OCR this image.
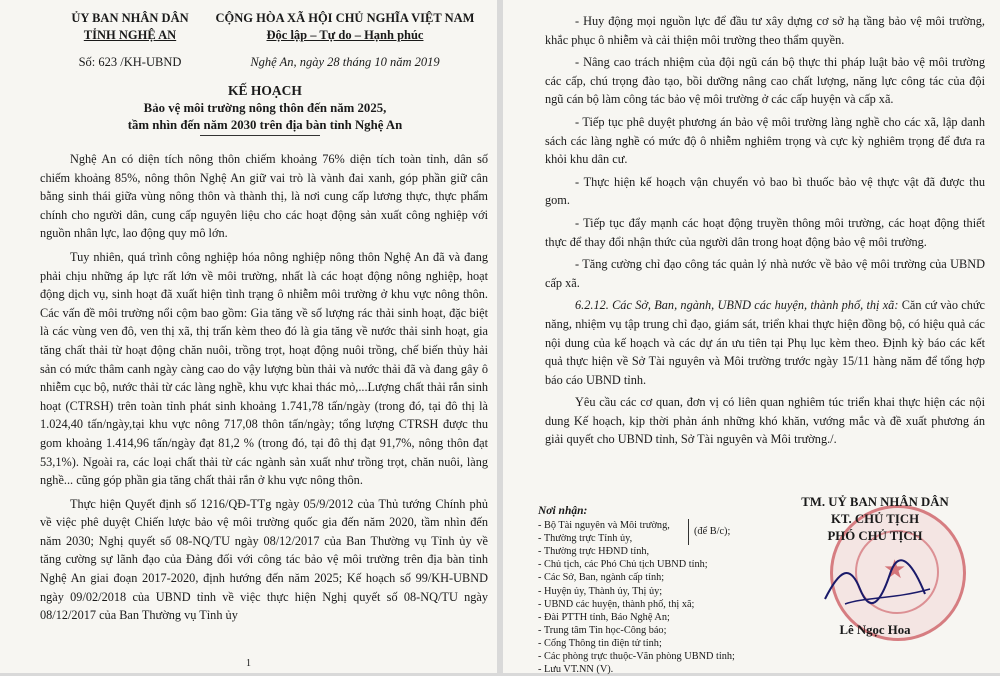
ỦY BAN NHÂN DÂN
TỈNH NGHỆ AN
Số: 623 /KH-UBND
CỘNG HÒA XÃ HỘI CHỦ NGHĨA VIỆT NAM
Độc lập – Tự do – Hạnh phúc
Nghệ An, ngày 28 tháng 10 năm 2019
KẾ HOẠCH
Bảo vệ môi trường nông thôn đến năm 2025,
tầm nhìn đến năm 2030 trên địa bàn tỉnh Nghệ An

Nghệ An có diện tích nông thôn chiếm khoảng 76% diện tích toàn tỉnh, dân số chiếm khoảng 85%, nông thôn Nghệ An giữ vai trò là vành đai xanh, góp phần giữ cân bằng sinh thái giữa vùng nông thôn và thành thị, là nơi cung cấp lương thực, thực phẩm chính cho người dân, cung cấp nguyên liệu cho các hoạt động sản xuất công nghiệp với nguồn nhân lực, lao động quy mô lớn.

Tuy nhiên, quá trình công nghiệp hóa nông nghiệp nông thôn Nghệ An đã và đang phải chịu những áp lực rất lớn về môi trường, nhất là các hoạt động nông nghiệp, hoạt động dịch vụ, sinh hoạt đã xuất hiện tình trạng ô nhiễm môi trường ở khu vực nông thôn. Các vấn đề môi trường nổi cộm bao gồm: Gia tăng về số lượng rác thải sinh hoạt, đặc biệt là các vùng ven đô, ven thị xã, thị trấn kèm theo đó là gia tăng về nước thải sinh hoạt, gia tăng chất thải từ hoạt động chăn nuôi, trồng trọt, hoạt động nuôi trồng, chế biến thủy hải sản có mức thâm canh ngày càng cao do vậy lượng bùn thải và nước thải đã và đang gây ô nhiễm cục bộ, nước thải từ các làng nghề, khu vực khai thác mỏ,...Lượng chất thải rắn sinh hoạt (CTRSH) trên toàn tỉnh phát sinh khoảng 1.741,78 tấn/ngày (trong đó, tại đô thị là 1.024,40 tấn/ngày,tại khu vực nông 717,08 thôn tấn/ngày; tổng lượng CTRSH được thu gom khoảng 1.414,96 tấn/ngày đạt 81,2 % (trong đó, tại đô thị đạt 91,7%, nông thôn đạt 53,1%). Ngoài ra, các loại chất thải từ các ngành sản xuất như trồng trọt, chăn nuôi, làng nghề... cũng góp phần gia tăng chất thải rắn ở khu vực nông thôn.

Thực hiện Quyết định số 1216/QĐ-TTg ngày 05/9/2012 của Thủ tướng Chính phủ về việc phê duyệt Chiến lược bảo vệ môi trường quốc gia đến năm 2020, tầm nhìn đến năm 2030; Nghị quyết số 08-NQ/TU ngày 08/12/2017 của Ban Thường vụ Tỉnh ủy về tăng cường sự lãnh đạo của Đảng đối với công tác bảo vệ môi trường trên địa bàn tỉnh Nghệ An giai đoạn 2017-2020, định hướng đến năm 2025; Kế hoạch số 99/KH-UBND ngày 09/02/2018 của UBND tỉnh về việc thực hiện Nghị quyết số 08-NQ/TU ngày 08/12/2017 của Ban Thường vụ Tỉnh ủy

1

- Huy động mọi nguồn lực để đầu tư xây dựng cơ sở hạ tầng bảo vệ môi trường, khắc phục ô nhiễm và cải thiện môi trường theo thẩm quyền.

- Nâng cao trách nhiệm của đội ngũ cán bộ thực thi pháp luật bảo vệ môi trường các cấp, chú trọng đào tạo, bồi dưỡng nâng cao chất lượng, năng lực công tác của đội ngũ cán bộ làm công tác bảo vệ môi trường ở các cấp huyện và cấp xã.

- Tiếp tục phê duyệt phương án bảo vệ môi trường làng nghề cho các xã, lập danh sách các làng nghề có mức độ ô nhiễm nghiêm trọng và cực kỳ nghiêm trọng để đưa ra khỏi khu dân cư.

- Thực hiện kế hoạch vận chuyển vỏ bao bì thuốc bảo vệ thực vật đã được thu gom.

- Tiếp tục đẩy mạnh các hoạt động truyền thông môi trường, các hoạt động thiết thực để thay đổi nhận thức của người dân trong hoạt động bảo vệ môi trường.

- Tăng cường chỉ đạo công tác quản lý nhà nước về bảo vệ môi trường của UBND cấp xã.

6.2.12. Các Sở, Ban, ngành, UBND các huyện, thành phố, thị xã: Căn cứ vào chức năng, nhiệm vụ tập trung chỉ đạo, giám sát, triển khai thực hiện đồng bộ, có hiệu quả các nội dung của kế hoạch và các dự án ưu tiên tại Phụ lục kèm theo. Định kỳ báo các kết quả thực hiện về Sở Tài nguyên và Môi trường trước ngày 15/11 hàng năm để tổng hợp báo cáo UBND tỉnh.

Yêu cầu các cơ quan, đơn vị có liên quan nghiêm túc triển khai thực hiện các nội dung Kế hoạch, kịp thời phản ánh những khó khăn, vướng mắc và đề xuất phương án giải quyết cho UBND tỉnh, Sở Tài nguyên và Môi trường./.

Nơi nhận:
- Bộ Tài nguyên và Môi trường,
- Thường trực Tỉnh ủy,
- Thường trực HĐND tỉnh,
- Chủ tịch, các Phó Chủ tịch UBND tỉnh;
- Các Sở, Ban, ngành cấp tỉnh;
- Huyện ủy, Thành ủy, Thị ủy;
- UBND các huyện, thành phố, thị xã;
- Đài PTTH tỉnh, Báo Nghệ An;
- Trung tâm Tin học-Công báo;
- Cổng Thông tin điện tử tỉnh;
- Các phòng trực thuộc-Văn phòng UBND tỉnh;
- Lưu VT.NN (V).
(để B/c);
★
TM. UỶ BAN NHÂN DÂN
KT. CHỦ TỊCH
PHÓ CHỦ TỊCH
Lê Ngọc Hoa
